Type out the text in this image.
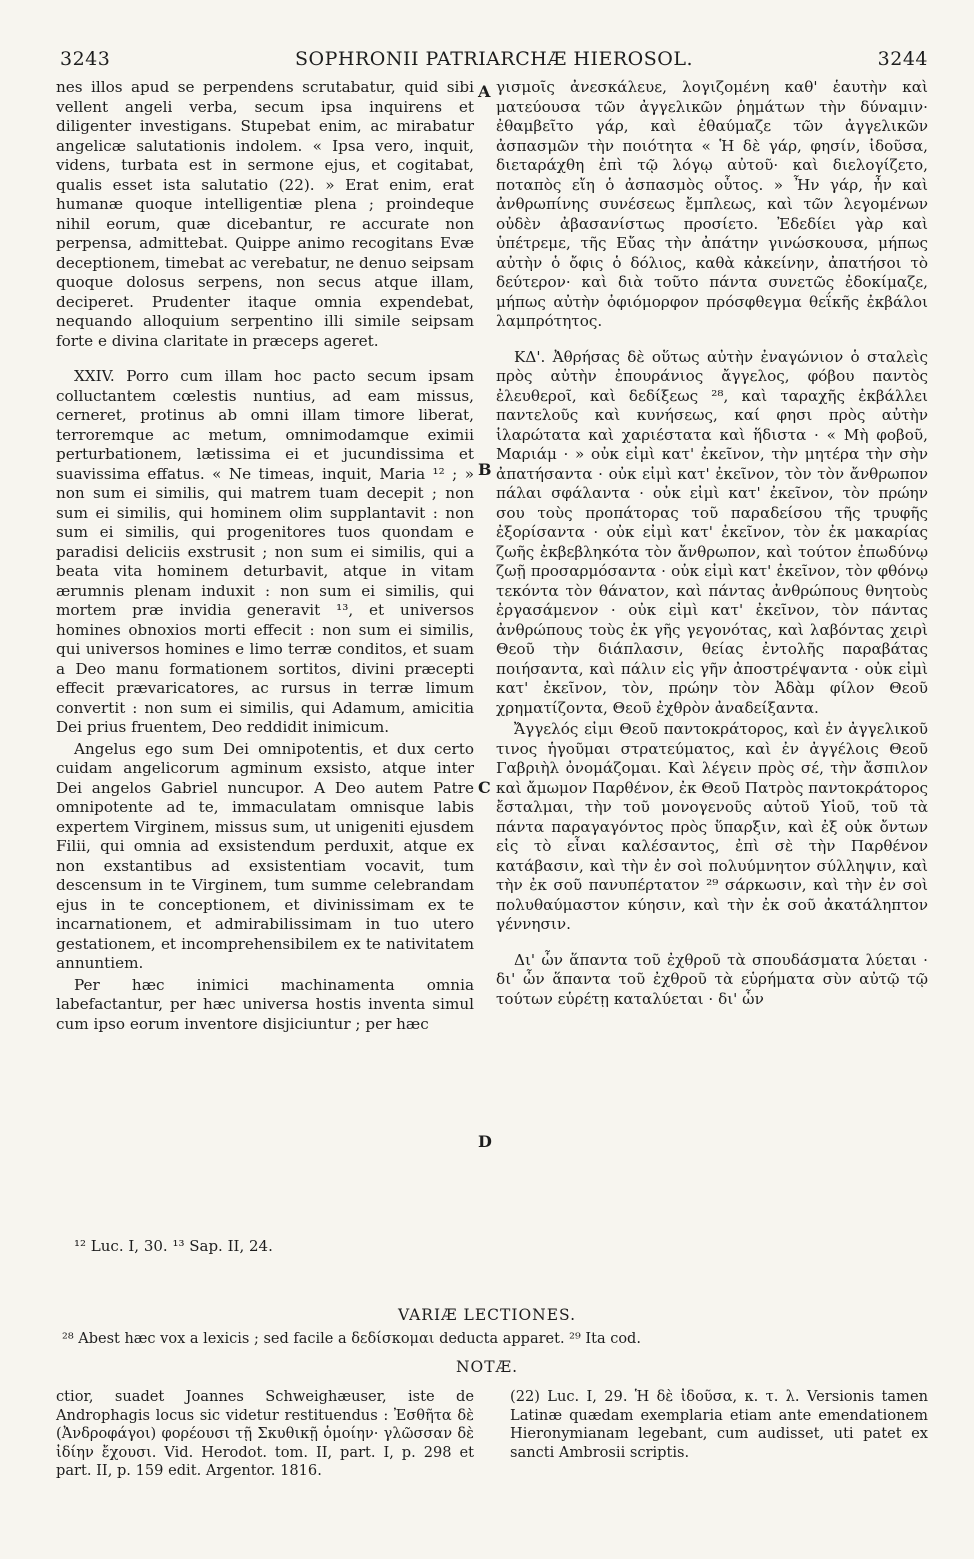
3243	SOPHRONII PATRIARCHÆ HIEROSOL.	3244
A
B
C
D

nes illos apud se perpendens scrutabatur, quid sibi vellent angeli verba, secum ipsa inquirens et diligenter investigans. Stupebat enim, ac mirabatur angelicæ salutationis indolem. « Ipsa vero, inquit, videns, turbata est in sermone ejus, et cogitabat, qualis esset ista salutatio (22). » Erat enim, erat humanæ quoque intelligentiæ plena ; proindeque nihil eorum, quæ dicebantur, re accurate non perpensa, admittebat. Quippe animo recogitans Evæ deceptionem, timebat ac verebatur, ne denuo seipsam quoque dolosus serpens, non secus atque illam, deciperet. Prudenter itaque omnia expendebat, nequando alloquium serpentino illi simile seipsam forte e divina claritate in præceps ageret.

XXIV. Porro cum illam hoc pacto secum ipsam colluctantem cœlestis nuntius, ad eam missus, cerneret, protinus ab omni illam timore liberat, terroremque ac metum, omnimodamque eximii perturbationem, lætissima ei et jucundissima et suavissima effatus. « Ne timeas, inquit, Maria ¹² ; » non sum ei similis, qui matrem tuam decepit ; non sum ei similis, qui hominem olim supplantavit : non sum ei similis, qui progenitores tuos quondam e paradisi deliciis exstrusit ; non sum ei similis, qui a beata vita hominem deturbavit, atque in vitam ærumnis plenam induxit : non sum ei similis, qui mortem præ invidia generavit ¹³, et universos homines obnoxios morti effecit : non sum ei similis, qui universos homines e limo terræ conditos, et suam a Deo manu formationem sortitos, divini præcepti effecit prævaricatores, ac rursus in terræ limum convertit : non sum ei similis, qui Adamum, amicitia Dei prius fruentem, Deo reddidit inimicum.

Angelus ego sum Dei omnipotentis, et dux certo cuidam angelicorum agminum exsisto, atque inter Dei angelos Gabriel nuncupor. A Deo autem Patre omnipotente ad te, immaculatam omnisque labis expertem Virginem, missus sum, ut unigeniti ejusdem Filii, qui omnia ad exsistendum perduxit, atque ex non exstantibus ad exsistentiam vocavit, tum descensum in te Virginem, tum summe celebrandam ejus in te conceptionem, et divinissimam ex te incarnationem, et admirabilissimam in tuo utero gestationem, et incomprehensibilem ex te nativitatem annuntiem.

Per hæc inimici machinamenta omnia labefactantur, per hæc universa hostis inventa simul cum ipso eorum inventore disjiciuntur ; per hæc

γισμοῖς ἀνεσκάλευε, λογιζομένη καθ' ἑαυτὴν καὶ ματεύουσα τῶν ἀγγελικῶν ῥημάτων τὴν δύναμιν· ἐθαμβεῖτο γάρ, καὶ ἐθαύμαζε τῶν ἀγγελικῶν ἀσπασμῶν τὴν ποιότητα « Ἡ δὲ γάρ, φησίν, ἰδοῦσα, διεταράχθη ἐπὶ τῷ λόγῳ αὐτοῦ· καὶ διελογίζετο, ποταπὸς εἴη ὁ ἀσπασμὸς οὗτος. » Ἦν γάρ, ἦν καὶ ἀνθρωπίνης συνέσεως ἔμπλεως, καὶ τῶν λεγομένων οὐδὲν ἀβασανίστως προσίετο. Ἐδεδίει γὰρ καὶ ὑπέτρεμε, τῆς Εὔας τὴν ἀπάτην γινώσκουσα, μήπως αὐτὴν ὁ ὄφις ὁ δόλιος, καθὰ κἀκείνην, ἀπατήσοι τὸ δεύτερον· καὶ διὰ τοῦτο πάντα συνετῶς ἐδοκίμαζε, μήπως αὐτὴν ὀφιόμορφον πρόσφθεγμα θεΐκῆς ἐκβάλοι λαμπρότητος.

ΚΔ'. Ἀθρήσας δὲ οὕτως αὐτὴν ἐναγώνιον ὁ σταλεὶς πρὸς αὐτὴν ἐπουράνιος ἄγγελος, φόβου παντὸς ἐλευθεροῖ, καὶ δεδίξεως ²⁸, καὶ ταραχῆς ἐκβάλλει παντελοῦς καὶ κυνήσεως, καί φησι πρὸς αὐτὴν ἱλαρώτατα καὶ χαριέστατα καὶ ἥδιστα · « Μὴ φοβοῦ, Μαριάμ · » οὐκ εἰμὶ κατ' ἐκεῖνον, τὴν μητέρα τὴν σὴν ἀπατήσαντα · οὐκ εἰμὶ κατ' ἐκεῖνον, τὸν τὸν ἄνθρωπον πάλαι σφάλαντα · οὐκ εἰμὶ κατ' ἐκεῖνον, τὸν πρώην σου τοὺς προπάτορας τοῦ παραδείσου τῆς τρυφῆς ἐξορίσαντα · οὐκ εἰμὶ κατ' ἐκεῖνον, τὸν ἐκ μακαρίας ζωῆς ἐκβεβληκότα τὸν ἄνθρωπον, καὶ τούτον ἐπωδύνῳ ζωῇ προσαρμόσαντα · οὐκ εἰμὶ κατ' ἐκεῖνον, τὸν φθόνῳ τεκόντα τὸν θάνατον, καὶ πάντας ἀνθρώπους θνητοὺς ἐργασάμενον · οὐκ εἰμὶ κατ' ἐκεῖνον, τὸν πάντας ἀνθρώπους τοὺς ἐκ γῆς γεγονότας, καὶ λαβόντας χειρὶ Θεοῦ τὴν διάπλασιν, θείας ἐντολῆς παραβάτας ποιήσαντα, καὶ πάλιν εἰς γῆν ἀποστρέψαντα · οὐκ εἰμὶ κατ' ἐκεῖνον, τὸν, πρώην τὸν Ἀδὰμ φίλον Θεοῦ χρηματίζοντα, Θεοῦ ἐχθρὸν ἀναδείξαντα.

Ἄγγελός εἰμι Θεοῦ παντοκράτορος, καὶ ἐν ἀγγελικοῦ τινος ἡγοῦμαι στρατεύματος, καὶ ἐν ἀγγέλοις Θεοῦ Γαβριὴλ ὀνομάζομαι. Καὶ λέγειν πρὸς σέ, τὴν ἄσπιλον καὶ ἄμωμον Παρθένον, ἐκ Θεοῦ Πατρὸς παντοκράτορος ἔσταλμαι, τὴν τοῦ μονογενοῦς αὐτοῦ Υἱοῦ, τοῦ τὰ πάντα παραγαγόντος πρὸς ὕπαρξιν, καὶ ἐξ οὐκ ὄντων εἰς τὸ εἶναι καλέσαντος, ἐπὶ σὲ τὴν Παρθένον κατάβασιν, καὶ τὴν ἐν σοὶ πολυύμνητον σύλληψιν, καὶ τὴν ἐκ σοῦ πανυπέρτατον ²⁹ σάρκωσιν, καὶ τὴν ἐν σοὶ πολυθαύμαστον κύησιν, καὶ τὴν ἐκ σοῦ ἀκατάληπτον γέννησιν.

Δι' ὧν ἅπαντα τοῦ ἐχθροῦ τὰ σπουδάσματα λύεται · δι' ὧν ἅπαντα τοῦ ἐχθροῦ τὰ εὑρήματα σὺν αὐτῷ τῷ τούτων εὑρέτῃ καταλύεται · δι' ὧν

¹² Luc. I, 30. ¹³ Sap. II, 24.
VARIÆ LECTIONES.
²⁸ Abest hæc vox a lexicis ; sed facile a δεδίσκομαι deducta apparet. ²⁹ Ita cod.
NOTÆ.

ctior, suadet Joannes Schweighæuser, iste de Androphagis locus sic videtur restituendus : Ἐσθῆτα δὲ (Ἀνδροφάγοι) φορέουσι τῇ Σκυθικῇ ὁμοίην· γλῶσσαν δὲ ἰδίην ἔχουσι. Vid. Herodot. tom. II, part. I, p. 298 et part. II, p. 159 edit. Argentor. 1816.

(22) Luc. I, 29. Ἡ δὲ ἰδοῦσα, κ. τ. λ. Versionis tamen Latinæ quædam exemplaria etiam ante emendationem Hieronymianam legebant, cum audisset, uti patet ex sancti Ambrosii scriptis.
